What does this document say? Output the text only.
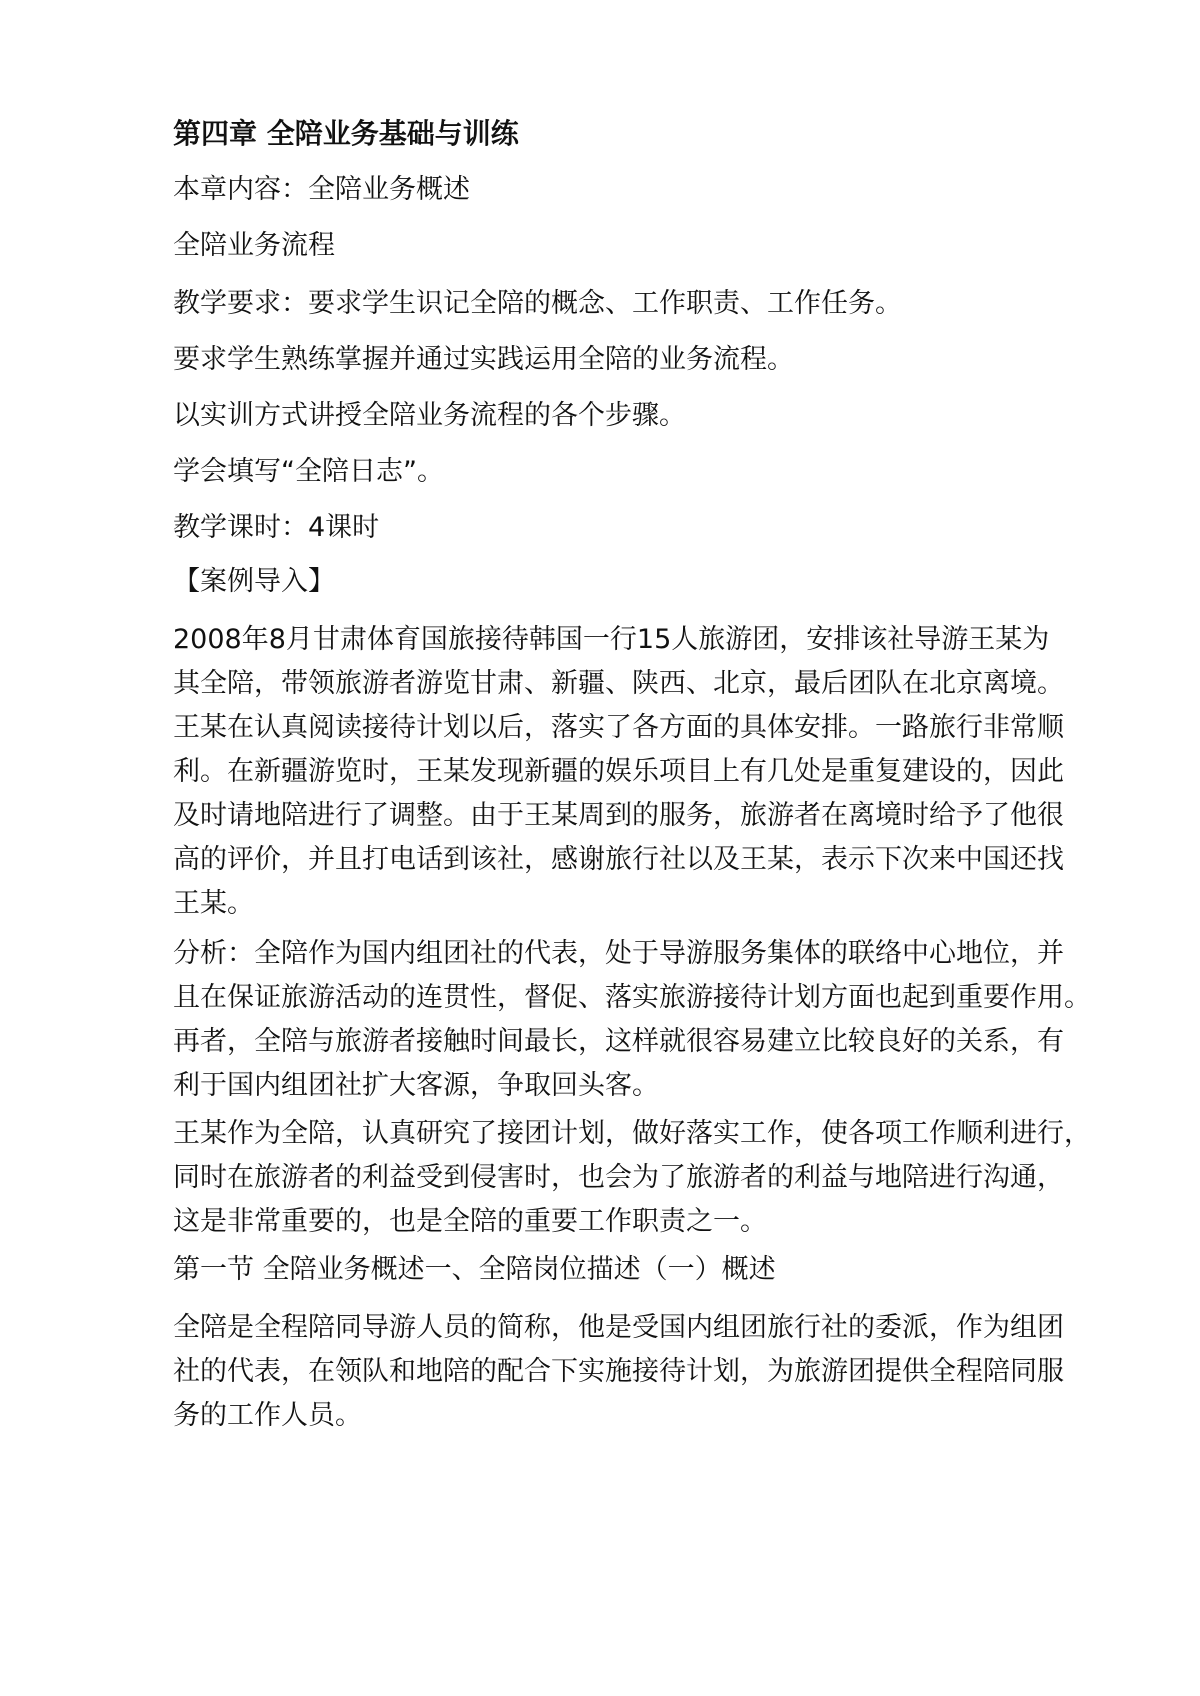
第四章 全陪业务基础与训练
本章内容：全陪业务概述
全陪业务流程
教学要求：要求学生识记全陪的概念、工作职责、工作任务。
要求学生熟练掌握并通过实践运用全陪的业务流程。
以实训方式讲授全陪业务流程的各个步骤。
学会填写“全陪日志”。
教学课时：4课时
【案例导入】
2008年8月甘肃体育国旅接待韩国一行15人旅游团，安排该社导游王某为
其全陪，带领旅游者游览甘肃、新疆、陕西、北京，最后团队在北京离境。
王某在认真阅读接待计划以后，落实了各方面的具体安排。一路旅行非常顺
利。在新疆游览时，王某发现新疆的娱乐项目上有几处是重复建设的，因此
及时请地陪进行了调整。由于王某周到的服务，旅游者在离境时给予了他很
高的评价，并且打电话到该社，感谢旅行社以及王某，表示下次来中国还找
王某。
分析：全陪作为国内组团社的代表，处于导游服务集体的联络中心地位，并
且在保证旅游活动的连贯性，督促、落实旅游接待计划方面也起到重要作用。
再者，全陪与旅游者接触时间最长，这样就很容易建立比较良好的关系，有
利于国内组团社扩大客源，争取回头客。
王某作为全陪，认真研究了接团计划，做好落实工作，使各项工作顺利进行，
同时在旅游者的利益受到侵害时，也会为了旅游者的利益与地陪进行沟通，
这是非常重要的，也是全陪的重要工作职责之一。
第一节 全陪业务概述一、全陪岗位描述（一）概述
全陪是全程陪同导游人员的简称，他是受国内组团旅行社的委派，作为组团
社的代表，在领队和地陪的配合下实施接待计划，为旅游团提供全程陪同服
务的工作人员。
